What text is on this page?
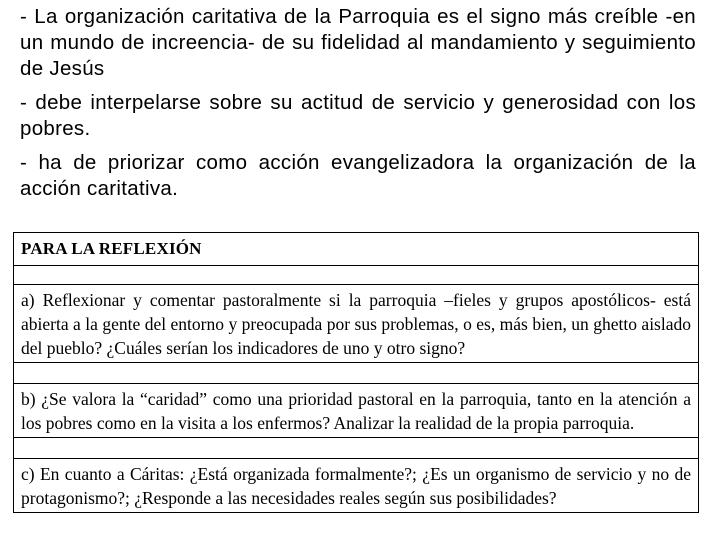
- La organización caritativa de la Parroquia es el signo más creíble -en un mundo de increencia- de su fidelidad al mandamiento y seguimiento de Jesús

- debe interpelarse sobre su actitud de servicio y generosidad con los pobres.

- ha de priorizar como acción evangelizadora la organización de la acción caritativa.

PARA LA REFLEXIÓN

a) Reflexionar y comentar pastoralmente si la parroquia –fieles y grupos apostólicos- está abierta a la gente del entorno y preocupada por sus problemas, o es, más bien, un ghetto aislado del pueblo? ¿Cuáles serían los indicadores de uno y otro signo?

b) ¿Se valora la “caridad” como una prioridad pastoral en la parroquia, tanto en la atención a los pobres como en la visita a los enfermos? Analizar la realidad de la propia parroquia.

c) En cuanto a Cáritas: ¿Está organizada formalmente?; ¿Es un organismo de servicio y no de protagonismo?; ¿Responde a las necesidades reales según sus posibilidades?
